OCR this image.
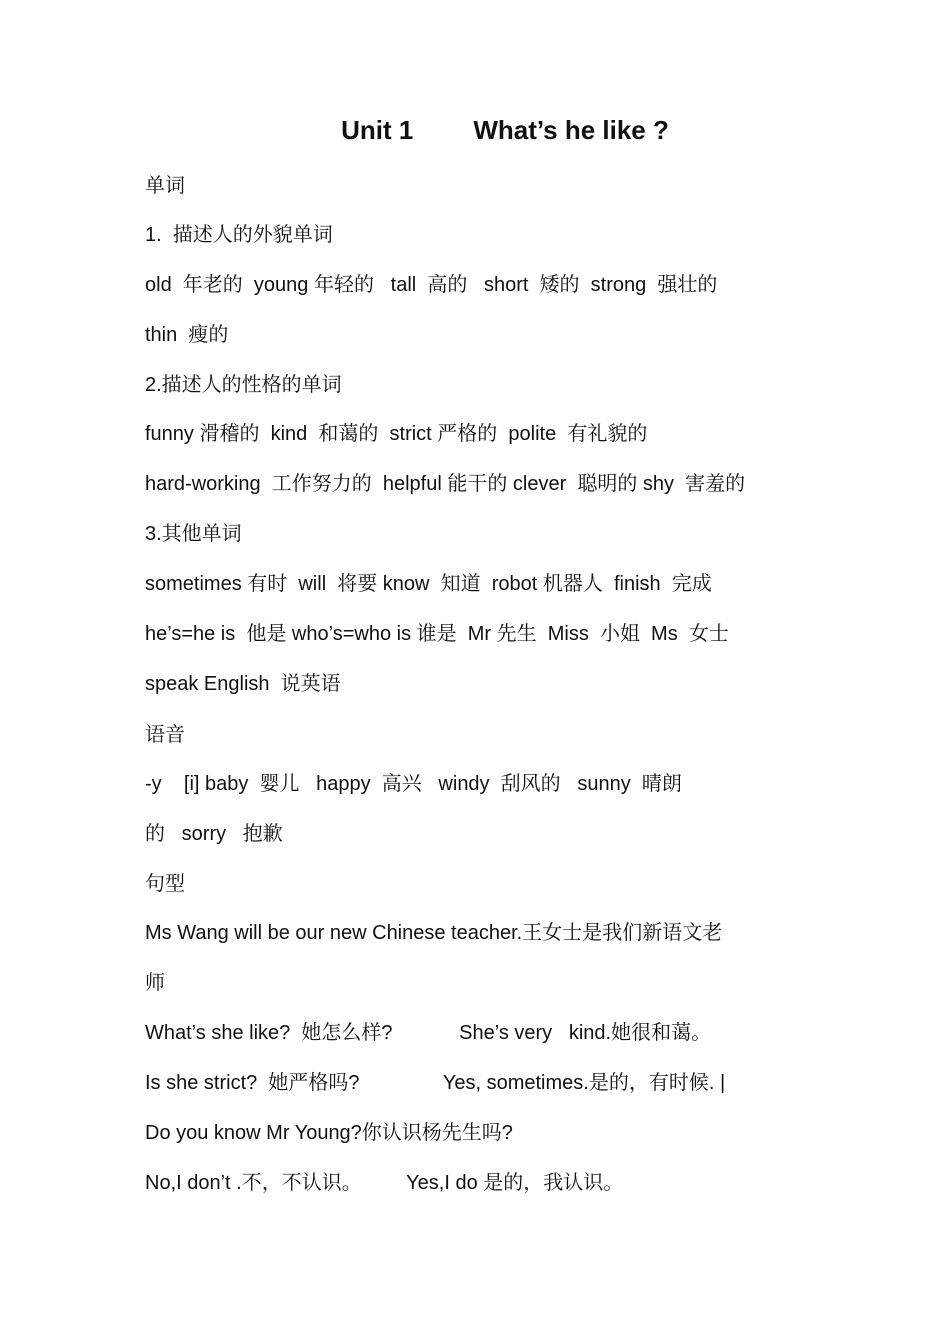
Unit 1 What’s he like ?
单词
1.  描述人的外貌单词
old  年老的  young 年轻的   tall  高的   short  矮的  strong  强壮的
thin  瘦的
2.描述人的性格的单词
funny 滑稽的  kind  和蔼的  strict 严格的  polite  有礼貌的
hard-working  工作努力的  helpful 能干的 clever  聪明的 shy  害羞的
3.其他单词
sometimes 有时  will  将要 know  知道  robot 机器人  finish  完成
he’s=he is  他是 who’s=who is 谁是  Mr 先生  Miss  小姐  Ms  女士
speak English  说英语
语音
-y    [i] baby  婴儿   happy  高兴   windy  刮风的   sunny  晴朗
的   sorry   抱歉
句型
Ms Wang will be our new Chinese teacher.王女士是我们新语文老
师
What’s she like?  她怎么样?            She’s very   kind.她很和蔼。
Is she strict?  她严格吗?               Yes, sometimes.是的，有时候. |
Do you know Mr Young?你认识杨先生吗?
No,I don’t .不，不认识。        Yes,I do 是的，我认识。
